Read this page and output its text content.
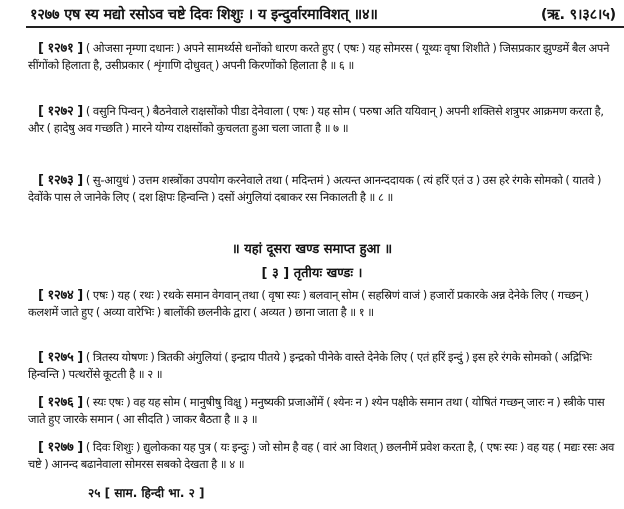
१२७७ एष स्य मद्यो रसोऽव चष्टे दिवः शिशुः । य इन्दुर्वारमाविशत् ॥४॥	(ऋ. ९।३८।५)
[ १२७१ ] ( ओजसा नृम्णा दधानः ) अपने सामर्थ्यसे धनोंको धारण करते हुए ( एषः ) यह सोमरस ( यूथ्यः वृषा शिशीते ) जिसप्रकार झुण्डमें बैल अपने सींगोंको हिलाता है, उसीप्रकार ( शृंगाणि दोधुवत् ) अपनी किरणोंको हिलाता है ॥ ६ ॥
[ १२७२ ] ( वसुनि पिन्वन् ) बैठनेवाले राक्षसोंको पीडा देनेवाला ( एषः ) यह सोम ( परुषा अति ययिवान् ) अपनी शक्तिसे शत्रुपर आक्रमण करता है, और ( हादेषु अव गच्छति ) मारने योग्य राक्षसोंको कुचलता हुआ चला जाता है ॥ ७ ॥
[ १२७३ ] ( सु-आयुधं ) उत्तम शस्त्रोंका उपयोग करनेवाले तथा ( मदिन्तमं ) अत्यन्त आनन्ददायक ( त्यं हरिं एतं उ ) उस हरे रंगके सोमको ( यातवे ) देवोंके पास ले जानेके लिए ( दश क्षिपः हिन्वन्ति ) दसों अंगुलियां दबाकर रस निकालती है ॥ ८ ॥
॥ यहां दूसरा खण्ड समाप्त हुआ ॥
[ ३ ] तृतीयः खण्डः ।
[ १२७४ ] ( एषः ) यह ( रथः ) रथके समान वेगवान् तथा ( वृषा स्यः ) बलवान् सोम ( सहस्रिणं वाजं ) हजारों प्रकारके अन्न देनेके लिए ( गच्छन् ) कलशमें जाते हुए ( अव्या वारेभिः ) बालोंकी छलनीके द्वारा ( अव्यत ) छाना जाता है ॥ १ ॥
[ १२७५ ] ( त्रितस्य योषणः ) त्रितकी अंगुलियां ( इन्द्राय पीतये ) इन्द्रको पीनेके वास्ते देनेके लिए ( एतं हरिं इन्दुं ) इस हरे रंगके सोमको ( अद्रिभिः हिन्वन्ति ) पत्थरोंसे कूटती है ॥ २ ॥
[ १२७६ ] ( स्यः एषः ) वह यह सोम ( मानुषीषु विक्षु ) मनुष्यकी प्रजाओंमें ( श्येनः न ) श्येन पक्षीके समान तथा ( योषितं गच्छन् जारः न ) स्त्रीके पास जाते हुए जारके समान ( आ सीदति ) जाकर बैठता है ॥ ३ ॥
[ १२७७ ] ( दिवः शिशुः ) द्युलोकका यह पुत्र ( यः इन्दुः ) जो सोम है वह ( वारं आ विशत् ) छलनीमें प्रवेश करता है, ( एषः स्यः ) वह यह ( मद्यः रसः अव चष्टे ) आनन्द बढानेवाला सोमरस सबको देखता है ॥ ४ ॥
२५ [ साम. हिन्दी भा. २ ]
